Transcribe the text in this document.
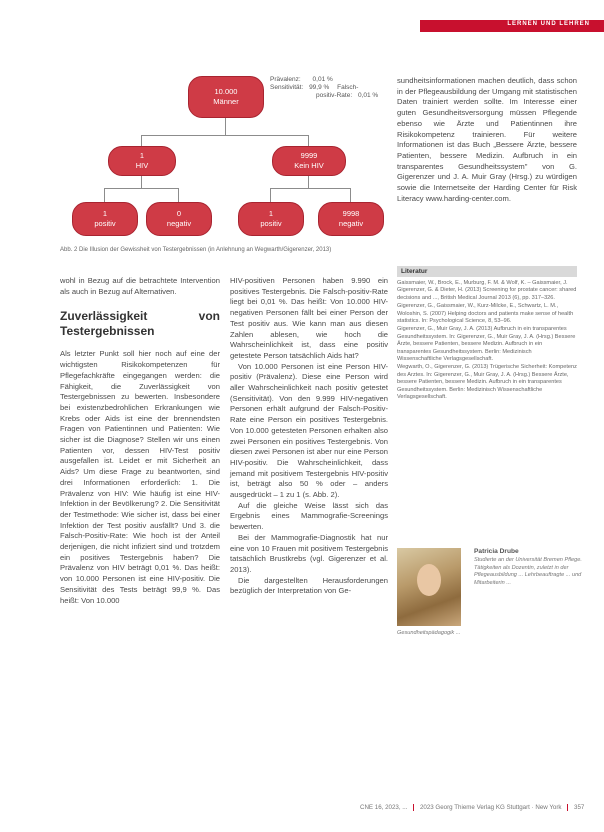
LERNEN UND LEHREN
10.000
Männer
1
HIV
9999
Kein HIV
1
positiv
0
negativ
1
positiv
9998
negativ
Prävalenz: 0,01 %
Sensitivität: 99,9 % Falsch-
positiv-Rate: 0,01 %
Abb. 2 Die Illusion der Gewissheit von Testergebnissen (in Anlehnung an Wegwarth/Gigerenzer, 2013)

wohl in Bezug auf die betrachtete Intervention als auch in Bezug auf Alternativen.

Zuverlässigkeit von Testergebnissen

Als letzter Punkt soll hier noch auf eine der wichtigsten Risikokompetenzen für Pflegefachkräfte eingegangen werden: die Fähigkeit, die Zuverlässigkeit von Testergebnissen zu bewerten. Insbesondere bei existenzbedrohlichen Erkrankungen wie Krebs oder Aids ist eine der brennendsten Fragen von Patientinnen und Patienten: Wie sicher ist die Diagnose? Stellen wir uns einen Patienten vor, dessen HIV-Test positiv ausgefallen ist. Leidet er mit Sicherheit an Aids? Um diese Frage zu beantworten, sind drei Informationen erforderlich: 1. Die Prävalenz von HIV: Wie häufig ist eine HIV-Infektion in der Bevölkerung? 2. Die Sensitivität der Testmethode: Wie sicher ist, dass bei einer Infektion der Test positiv ausfällt? Und 3. die Falsch-Positiv-Rate: Wie hoch ist der Anteil derjenigen, die nicht infiziert sind und trotzdem ein positives Testergebnis haben? Die Prävalenz von HIV beträgt 0,01 %. Das heißt: von 10.000 Personen ist eine HIV-positiv. Die Sensitivität des Tests beträgt 99,9 %. Das heißt: Von 10.000

HIV-positiven Personen haben 9.990 ein positives Testergebnis. Die Falsch-positiv-Rate liegt bei 0,01 %. Das heißt: Von 10.000 HIV-negativen Personen fällt bei einer Person der Test positiv aus. Wie kann man aus diesen Zahlen ablesen, wie hoch die Wahrscheinlichkeit ist, dass eine positiv getestete Person tatsächlich Aids hat?

Von 10.000 Personen ist eine Person HIV-positiv (Prävalenz). Diese eine Person wird aller Wahrscheinlichkeit nach positiv getestet (Sensitivität). Von den 9.999 HIV-negativen Personen erhält aufgrund der Falsch-Positiv-Rate eine Person ein positives Testergebnis. Von 10.000 getesteten Personen erhalten also zwei Personen ein positives Testergebnis. Von diesen zwei Personen ist aber nur eine Person HIV-positiv. Die Wahrscheinlichkeit, dass jemand mit positivem Testergebnis HIV-positiv ist, beträgt also 50 % oder – anders ausgedrückt – 1 zu 1 (s. Abb. 2).

Auf die gleiche Weise lässt sich das Ergebnis eines Mammografie-Screenings bewerten.

Bei der Mammografie-Diagnostik hat nur eine von 10 Frauen mit positivem Testergebnis tatsächlich Brustkrebs (vgl. Gigerenzer et al. 2013).

Die dargestellten Herausforderungen bezüglich der Interpretation von Ge-

sundheitsinformationen machen deutlich, dass schon in der Pflegeausbildung der Umgang mit statistischen Daten trainiert werden sollte. Im Interesse einer guten Gesundheitsversorgung müssen Pflegende ebenso wie Ärzte und Patientinnen ihre Risikokompetenz trainieren. Für weitere Informationen ist das Buch „Bessere Ärzte, bessere Patienten, bessere Medizin. Aufbruch in ein transparentes Gesundheitssystem" von G. Gigerenzer und J. A. Muir Gray (Hrsg.) zu würdigen sowie die Internetseite der Harding Center für Risk Literacy www.harding-center.com.

Literatur
Gaissmaier, W., Brock, E., Murburg, F. M. & Wolf, K. – Gaissmaier, J. Gigerenzer, G. & Dieter, H. (2013) Screening for prostate cancer: shared decisions and ..., British Medical Journal 2013 (6), pp. 317–326.
Gigerenzer, G., Gaissmaier, W., Kurz-Milcke, E., Schwartz, L. M., Woloshin, S. (2007) Helping doctors and patients make sense of health statistics. In: Psychological Science, 8, 53–96.
Gigerenzer, G., Muir Gray, J. A. (2013) Aufbruch in ein transparentes Gesundheitssystem. In: Gigerenzer, G., Muir Gray, J. A. (Hrsg.) Bessere Ärzte, bessere Patienten, bessere Medizin. Aufbruch in ein transparentes Gesundheitssystem. Berlin: Medizinisch Wissenschaftliche Verlagsgesellschaft.
Wegwarth, O., Gigerenzer, G. (2013) Trügerische Sicherheit: Kompetenz des Arztes. In: Gigerenzer, G., Muir Gray, J. A. (Hrsg.) Bessere Ärzte, bessere Patienten, bessere Medizin. Aufbruch in ein transparentes Gesundheitssystem. Berlin: Medizinisch Wissenschaftliche Verlagsgesellschaft.
Patricia Drube
Studierte an der Universität Bremen Pflege. Tätigkeiten als Dozentin, zuletzt in der Pflegeausbildung ... Lehrbeauftragte ... und Mitarbeiterin ...
Gesundheitspädagogik ...
CNE 16, 2023, ... 2023 Georg Thieme Verlag KG Stuttgart · New York 357
